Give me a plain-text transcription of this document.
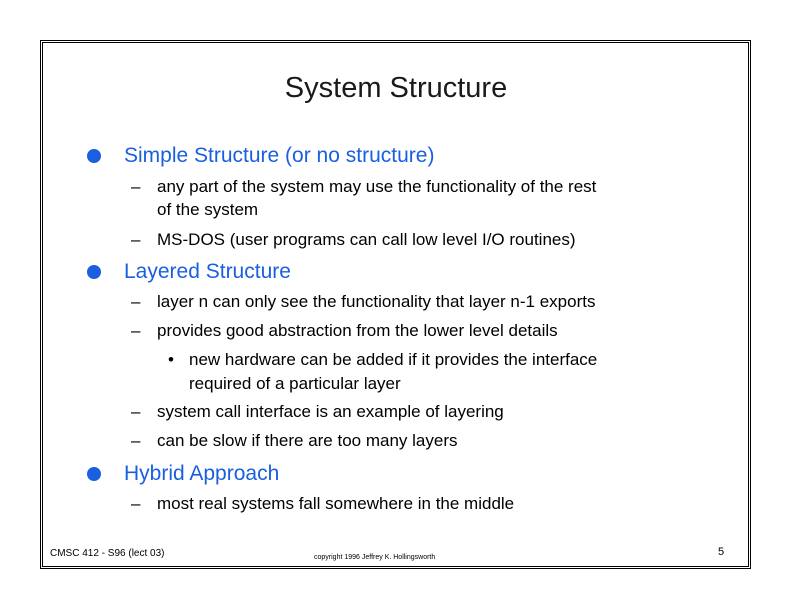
System Structure
Simple Structure (or no structure)
– any part of the system may use the functionality of the rest
of the system
– MS-DOS (user programs can call low level I/O routines)
Layered Structure
– layer n can only see the functionality that layer n-1 exports
– provides good abstraction from the lower level details
• new hardware can be added if it provides the interface
required of a particular layer
– system call interface is an example of layering
– can be slow if there are too many layers
Hybrid Approach
– most real systems fall somewhere in the middle
CMSC 412 - S96 (lect 03)	copyright 1996 Jeffrey K. Hollingsworth	5
